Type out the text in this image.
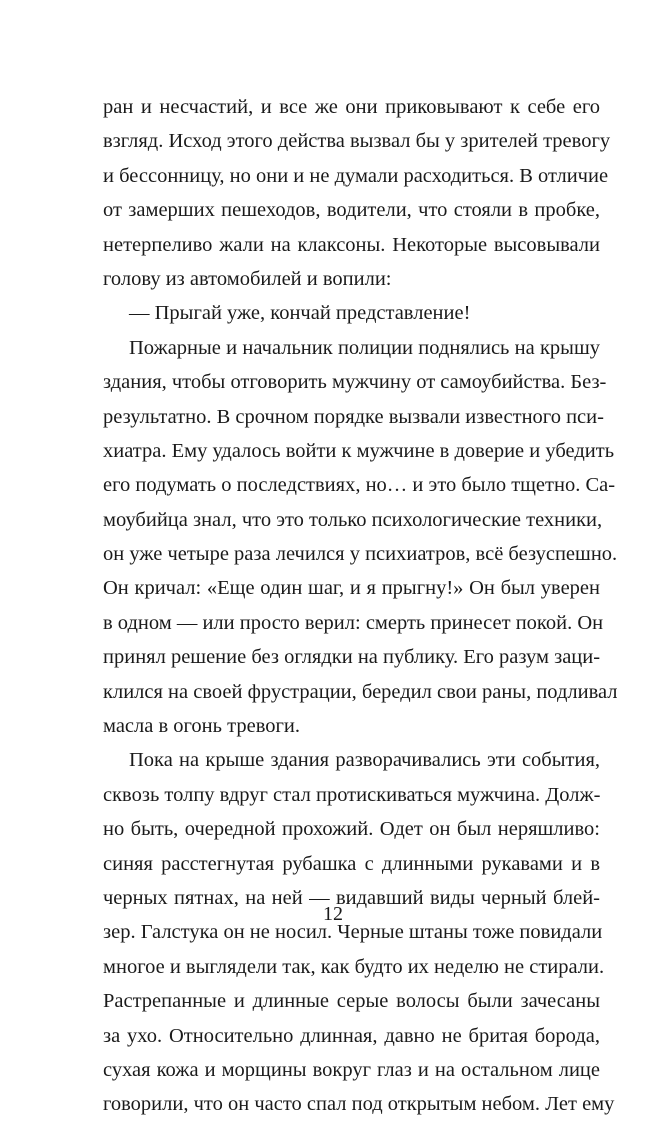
ран и несчастий, и все же они приковывают к себе его
взгляд. Исход этого действа вызвал бы у зрителей тревогу
и бессонницу, но они и не думали расходиться. В отличие
от замерших пешеходов, водители, что стояли в пробке,
нетерпеливо жали на клаксоны. Некоторые высовывали
голову из автомобилей и вопили:
— Прыгай уже, кончай представление!
Пожарные и начальник полиции поднялись на крышу
здания, чтобы отговорить мужчину от самоубийства. Без-
результатно. В срочном порядке вызвали известного пси-
хиатра. Ему удалось войти к мужчине в доверие и убедить
его подумать о последствиях, но… и это было тщетно. Са-
моубийца знал, что это только психологические техники,
он уже четыре раза лечился у психиатров, всё безуспешно.
Он кричал: «Еще один шаг, и я прыгну!» Он был уверен
в одном — или просто верил: смерть принесет покой. Он
принял решение без оглядки на публику. Его разум заци-
клился на своей фрустрации, бередил свои раны, подливал
масла в огонь тревоги.
Пока на крыше здания разворачивались эти события,
сквозь толпу вдруг стал протискиваться мужчина. Долж-
но быть, очередной прохожий. Одет он был неряшливо:
синяя расстегнутая рубашка с длинными рукавами и в
черных пятнах, на ней — видавший виды черный блей-
зер. Галстука он не носил. Черные штаны тоже повидали
многое и выглядели так, как будто их неделю не стирали.
Растрепанные и длинные серые волосы были зачесаны
за ухо. Относительно длинная, давно не бритая борода,
сухая кожа и морщины вокруг глаз и на остальном лице
говорили, что он часто спал под открытым небом. Лет ему
12
